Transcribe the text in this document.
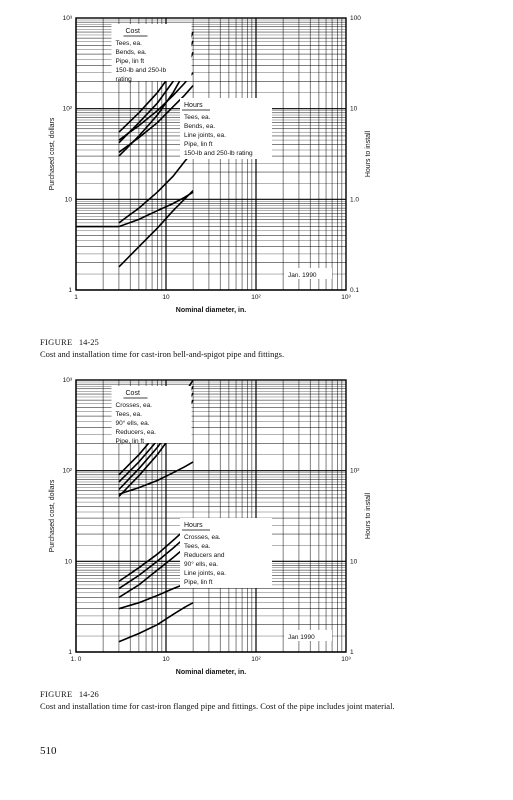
1	10	10²	10³
1
10
10²
10³
0.1
1.0
10
100
Nominal diameter, in.
Purchased cost, dollars	Hours to install
Cost
Tees, ea.
Bends, ea.
Pipe, lin ft
150-lb and 250-lb
rating
Hours
Tees, ea.
Bends, ea.
Line joints, ea.
Pipe, lin ft
150-lb and 250-lb rating
Jan. 1990
1. 0	10	10²	10³
1
10
10²
10³
1
10
10²
Nominal diameter, in.
Purchased cost, dollars	Hours to install
Cost
Crosses, ea.
Tees, ea.
90° ells, ea.
Reducers, ea.
Pipe, lin ft
Hours
Crosses, ea.
Tees, ea.
Reducers and
90° ells, ea.
Line joints, ea.
Pipe, lin ft
Jan 1990
FIGURE 14-25
Cost and installation time for cast-iron bell-and-spigot pipe and fittings.
FIGURE 14-26
Cost and installation time for cast-iron flanged pipe and fittings. Cost of the pipe includes joint material.
510
